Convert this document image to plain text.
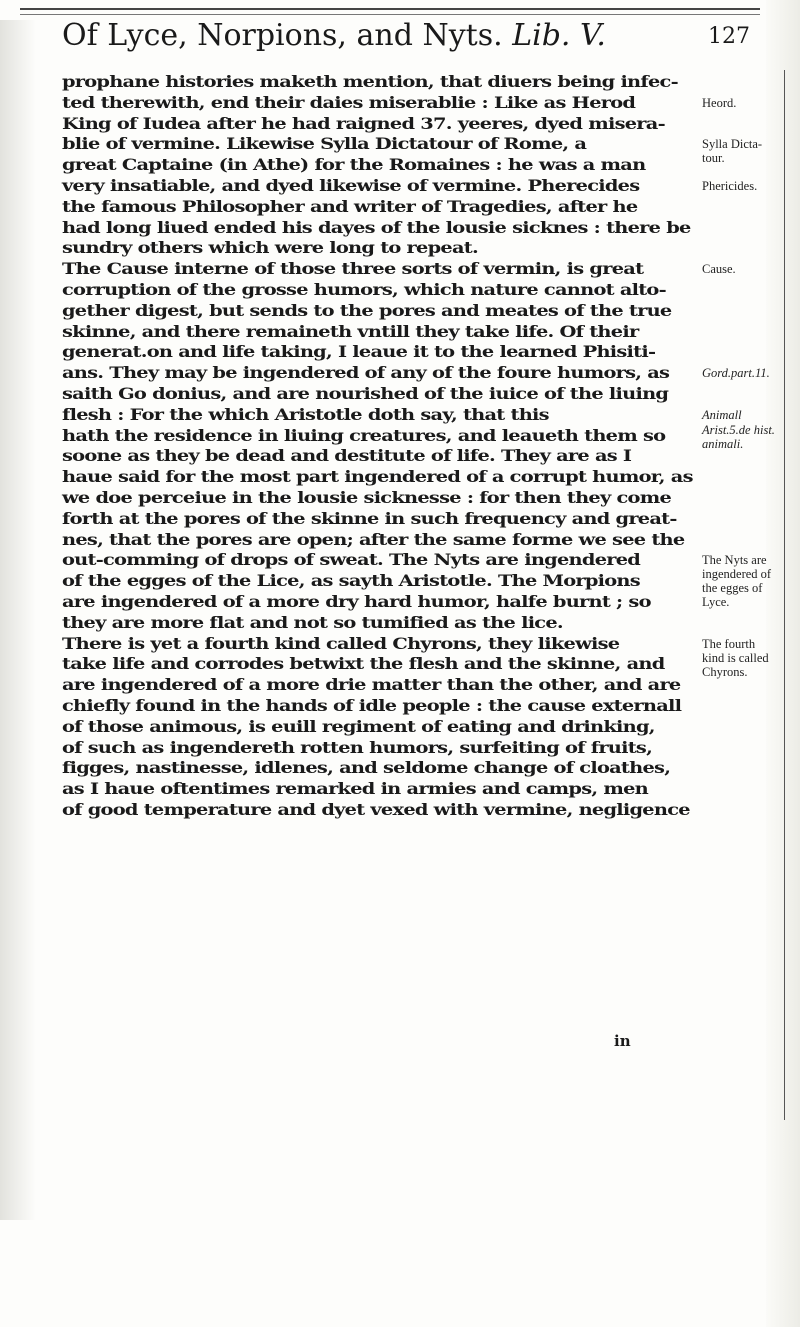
Of Lyce, Norpions, and Nyts. Lib. V.	127
prophane histories maketh mention, that diuers being infec-
ted therewith, end their daies miserablie : Like as Herod
King of Iudea after he had raigned 37. yeeres, dyed misera-
blie of vermine. Likewise Sylla Dictatour of Rome, a
great Captaine (in Athe) for the Romaines : he was a man
very insatiable, and dyed likewise of vermine. Pherecides
the famous Philosopher and writer of Tragedies, after he
had long liued ended his dayes of the lousie sicknes : there be
sundry others which were long to repeat.
The Cause interne of those three sorts of vermin, is great
corruption of the grosse humors, which nature cannot alto-
gether digest, but sends to the pores and meates of the true
skinne, and there remaineth vntill they take life. Of their
generat.on and life taking, I leaue it to the learned Phisiti-
ans. They may be ingendered of any of the foure humors, as
saith Go donius, and are nourished of the iuice of the liuing
flesh : For the which Aristotle doth say, that this
hath the residence in liuing creatures, and leaueth them so
soone as they be dead and destitute of life. They are as I
haue said for the most part ingendered of a corrupt humor, as
we doe perceiue in the lousie sicknesse : for then they come
forth at the pores of the skinne in such frequency and great-
nes, that the pores are open; after the same forme we see the
out-comming of drops of sweat. The Nyts are ingendered
of the egges of the Lice, as sayth Aristotle. The Morpions
are ingendered of a more dry hard humor, halfe burnt ; so
they are more flat and not so tumified as the lice.
There is yet a fourth kind called Chyrons, they likewise
take life and corrodes betwixt the flesh and the skinne, and
are ingendered of a more drie matter than the other, and are
chiefly found in the hands of idle people : the cause externall
of those animous, is euill regiment of eating and drinking,
of such as ingendereth rotten humors, surfeiting of fruits,
figges, nastinesse, idlenes, and seldome change of cloathes,
as I haue oftentimes remarked in armies and camps, men
of good temperature and dyet vexed with vermine, negligence
Heord.
Sylla Dicta-
tour.
Phericides.
Cause.
Gord.part.11.
Animall
Arist.5.de hist.
animali.
The Nyts are
ingendered of
the egges of
Lyce.
The fourth
kind is called
Chyrons.
in
